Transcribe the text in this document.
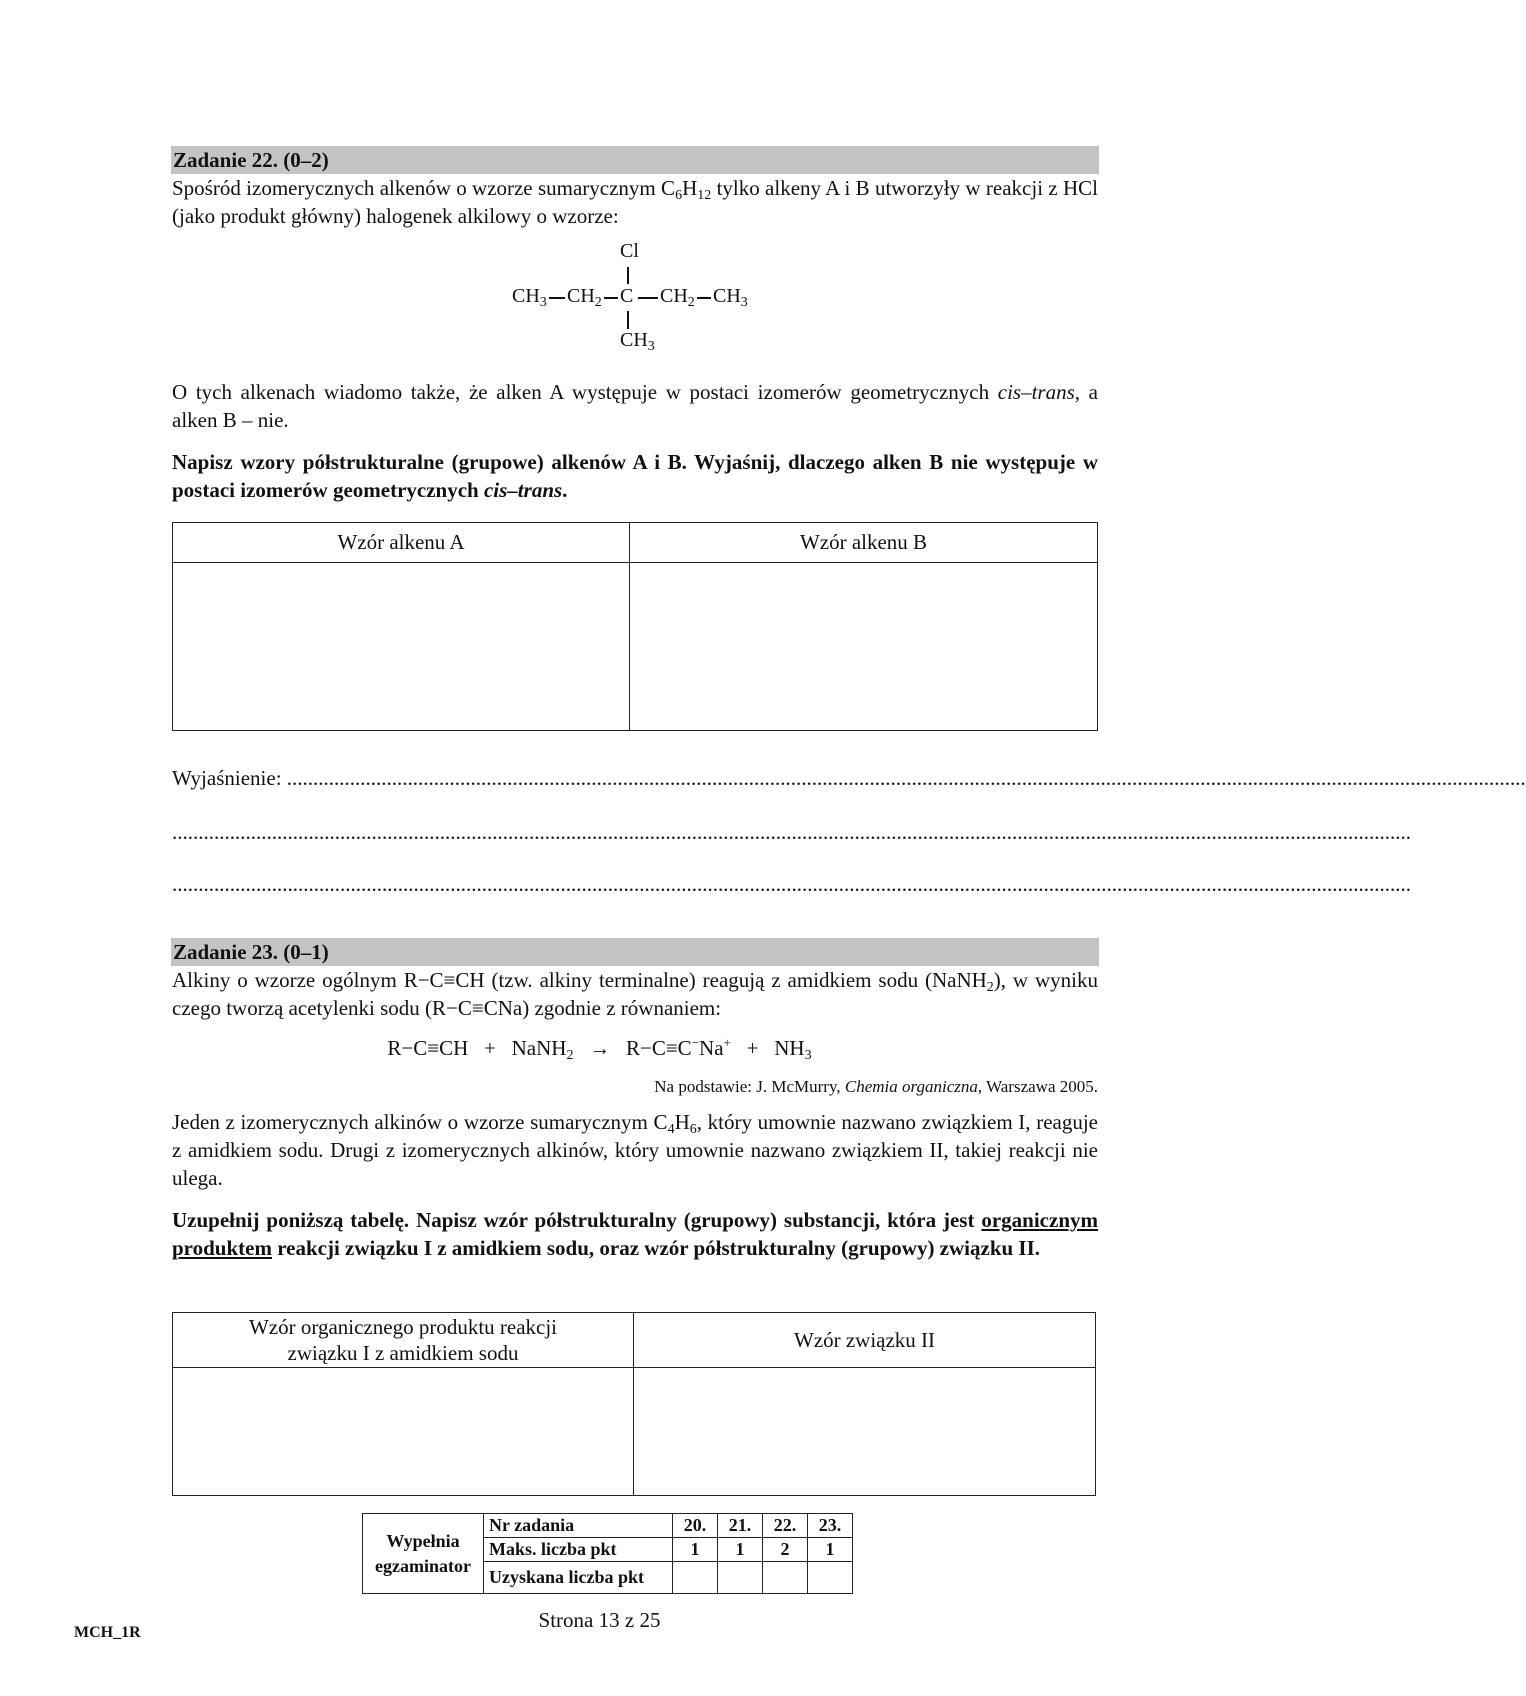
Zadanie 22. (0–2)
Spośród izomerycznych alkenów o wzorze sumarycznym $C_6H_{12}$ tylko alkeny A i B utworzyły w reakcji z HCl (jako produkt główny) halogenek alkilowy o wzorze:
Cl
$CH_3$ $CH_2$ C $CH_2$ $CH_3$
$CH_3$
O tych alkenach wiadomo także, że alken A występuje w postaci izomerów geometrycznych cis–trans, a alken B – nie.
Napisz wzory półstrukturalne (grupowe) alkenów A i B. Wyjaśnij, dlaczego alken B nie występuje w postaci izomerów geometrycznych cis–trans.
Wzór alkenu A	Wzór alkenu B

Wyjaśnienie: ............................................................................................................................................................................................................................................
............................................................................................................................................................................................................................................
............................................................................................................................................................................................................................................
Zadanie 23. (0–1)
Alkiny o wzorze ogólnym R−C≡CH (tzw. alkiny terminalne) reagują z amidkiem sodu (NaNH$_2$), w wyniku czego tworzą acetylenki sodu (R−C≡CNa) zgodnie z równaniem:
R−C≡CH   +   NaNH$_2$   →   $R-C\equiv C^-Na^+ + NH_3$
Na podstawie: J. McMurry, Chemia organiczna, Warszawa 2005.
Jeden z izomerycznych alkinów o wzorze sumarycznym $C_4H_6$, który umownie nazwano związkiem I, reaguje z amidkiem sodu. Drugi z izomerycznych alkinów, który umownie nazwano związkiem II, takiej reakcji nie ulega.
Uzupełnij poniższą tabelę. Napisz wzór półstrukturalny (grupowy) substancji, która jest organicznym produktem reakcji związku I z amidkiem sodu, oraz wzór półstrukturalny (grupowy) związku II.
Wzór organicznego produktu reakcji
związku I z amidkiem sodu	Wzór związku II

Wypełnia
egzaminator	Nr zadania	20.	21.	22.	23.
	Maks. liczba pkt	1	1	2	1
	Uzyskana liczba pkt				
Strona 13 z 25
MCH_1R
